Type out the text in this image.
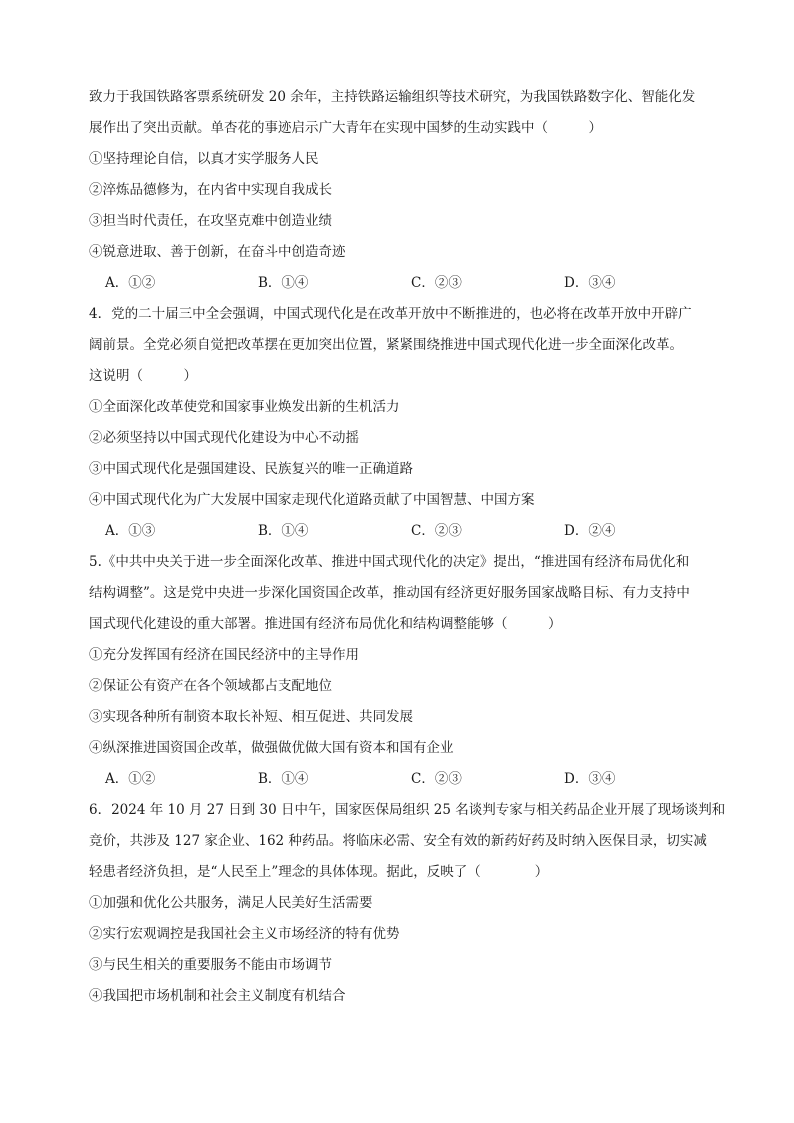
致力于我国铁路客票系统研发 20 余年，主持铁路运输组织等技术研究，为我国铁路数字化、智能化发
展作出了突出贡献。单杏花的事迹启示广大青年在实现中国梦的生动实践中（　　　）
①坚持理论自信，以真才实学服务人民
②淬炼品德修为，在内省中实现自我成长
③担当时代责任，在攻坚克难中创造业绩
④锐意进取、善于创新，在奋斗中创造奇迹
A．①②	B．①④	C．②③	D．③④
4．党的二十届三中全会强调，中国式现代化是在改革开放中不断推进的，也必将在改革开放中开辟广
阔前景。全党必须自觉把改革摆在更加突出位置，紧紧围绕推进中国式现代化进一步全面深化改革。
这说明（　　　）
①全面深化改革使党和国家事业焕发出新的生机活力
②必须坚持以中国式现代化建设为中心不动摇
③中国式现代化是强国建设、民族复兴的唯一正确道路
④中国式现代化为广大发展中国家走现代化道路贡献了中国智慧、中国方案
A．①③	B．①④	C．②③	D．②④
5.《中共中央关于进一步全面深化改革、推进中国式现代化的决定》提出，“推进国有经济布局优化和
结构调整”。这是党中央进一步深化国资国企改革，推动国有经济更好服务国家战略目标、有力支持中
国式现代化建设的重大部署。推进国有经济布局优化和结构调整能够（　　　）
①充分发挥国有经济在国民经济中的主导作用
②保证公有资产在各个领域都占支配地位
③实现各种所有制资本取长补短、相互促进、共同发展
④纵深推进国资国企改革，做强做优做大国有资本和国有企业
A．①②	B．①④	C．②③	D．③④
6．2024 年 10 月 27 日到 30 日中午，国家医保局组织 25 名谈判专家与相关药品企业开展了现场谈判和
竞价，共涉及 127 家企业、162 种药品。将临床必需、安全有效的新药好药及时纳入医保目录，切实减
轻患者经济负担，是“人民至上”理念的具体体现。据此，反映了（　　　　）
①加强和优化公共服务，满足人民美好生活需要
②实行宏观调控是我国社会主义市场经济的特有优势
③与民生相关的重要服务不能由市场调节
④我国把市场机制和社会主义制度有机结合
